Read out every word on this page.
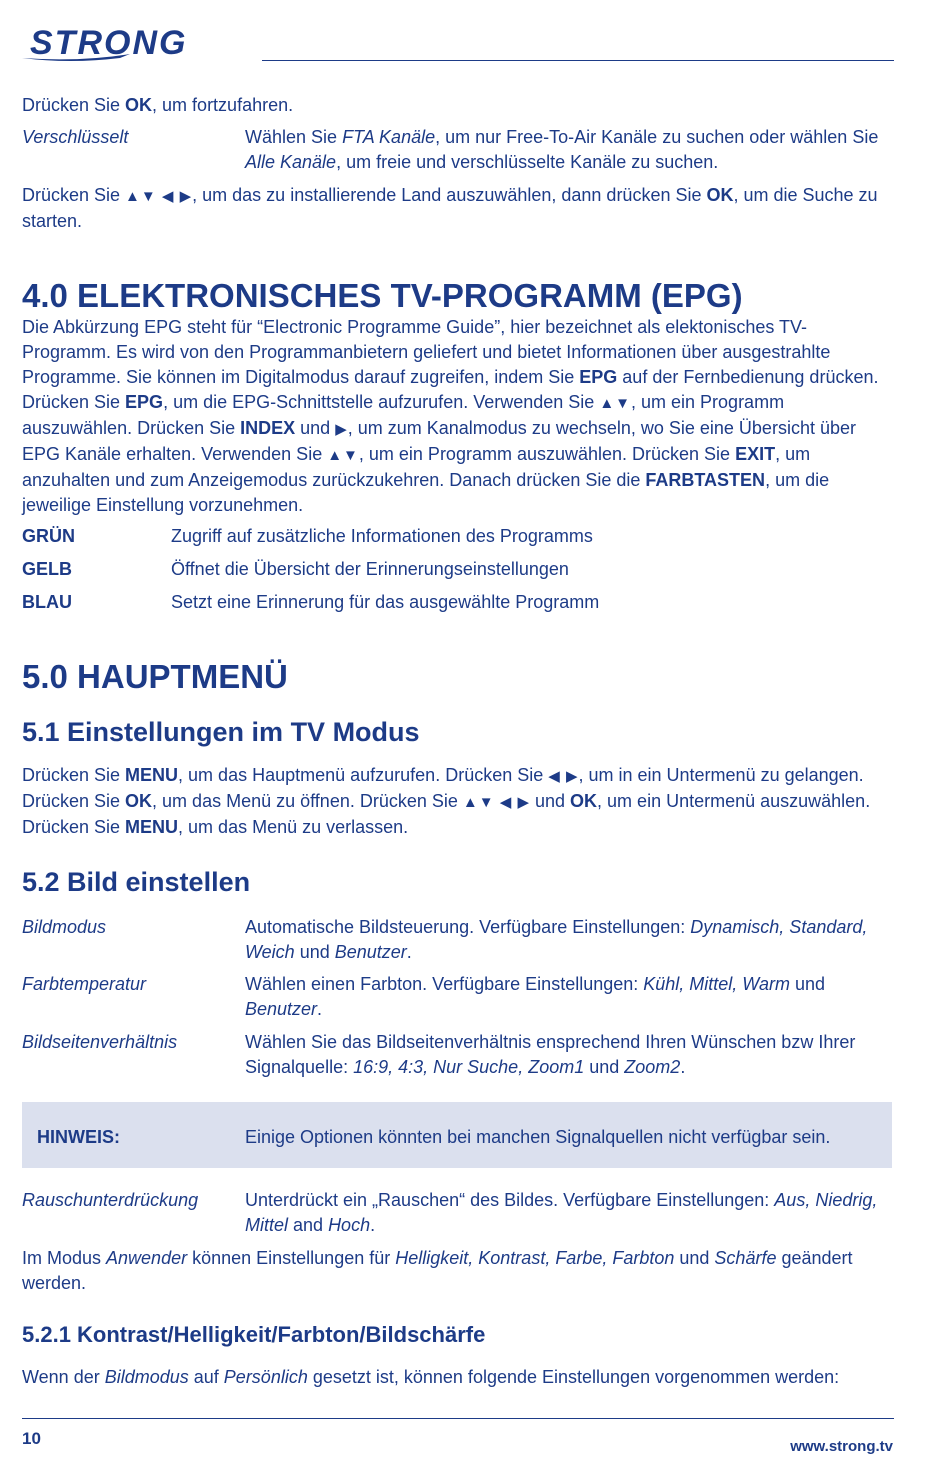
STRONG
Drücken Sie OK, um fortzufahren.
Verschlüsselt	Wählen Sie FTA Kanäle, um nur Free-To-Air Kanäle zu suchen oder wählen Sie Alle Kanäle, um freie und verschlüsselte Kanäle zu suchen.
Drücken Sie ▲▼ ◀ ▶, um das zu installierende Land auszuwählen, dann drücken Sie OK, um die Suche zu starten.
4.0 ELEKTRONISCHES TV-PROGRAMM (EPG)
Die Abkürzung EPG steht für “Electronic Programme Guide”, hier bezeichnet als elektonisches TV-Programm. Es wird von den Programmanbietern geliefert und bietet Informationen über ausgestrahlte Programme. Sie können im Digitalmodus darauf zugreifen, indem Sie EPG auf der Fernbedienung drücken. Drücken Sie EPG, um die EPG-Schnittstelle aufzurufen. Verwenden Sie ▲▼, um ein Programm auszuwählen. Drücken Sie INDEX und ▶, um zum Kanalmodus zu wechseln, wo Sie eine Übersicht über EPG Kanäle erhalten. Verwenden Sie ▲▼, um ein Programm auszuwählen. Drücken Sie EXIT, um anzuhalten und zum Anzeigemodus zurückzukehren. Danach drücken Sie die FARBTASTEN, um die jeweilige Einstellung vorzunehmen.
GRÜN	Zugriff auf zusätzliche Informationen des Programms
GELB	Öffnet die Übersicht der Erinnerungseinstellungen
BLAU	Setzt eine Erinnerung für das ausgewählte Programm
5.0 HAUPTMENÜ
5.1 Einstellungen im TV Modus
Drücken Sie MENU, um das Hauptmenü aufzurufen. Drücken Sie ◀ ▶, um in ein Untermenü zu gelangen. Drücken Sie OK, um das Menü zu öffnen. Drücken Sie ▲▼ ◀ ▶ und OK, um ein Untermenü auszuwählen. Drücken Sie MENU, um das Menü zu verlassen.
5.2 Bild einstellen
Bildmodus	Automatische Bildsteuerung. Verfügbare Einstellungen: Dynamisch, Standard, Weich und Benutzer.
Farbtemperatur	Wählen einen Farbton. Verfügbare Einstellungen: Kühl, Mittel, Warm und Benutzer.
Bildseitenverhältnis	Wählen Sie das Bildseitenverhältnis ensprechend Ihren Wünschen bzw Ihrer Signalquelle: 16:9, 4:3, Nur Suche, Zoom1 und Zoom2.
HINWEIS:	Einige Optionen könnten bei manchen Signalquellen nicht verfügbar sein.
Rauschunterdrückung	Unterdrückt ein „Rauschen“ des Bildes. Verfügbare Einstellungen: Aus, Niedrig, Mittel and Hoch.
Im Modus Anwender können Einstellungen für Helligkeit, Kontrast, Farbe, Farbton und Schärfe geändert werden.
5.2.1 Kontrast/Helligkeit/Farbton/Bildschärfe
Wenn der Bildmodus auf Persönlich gesetzt ist, können folgende Einstellungen vorgenommen werden:
10	www.strong.tv
